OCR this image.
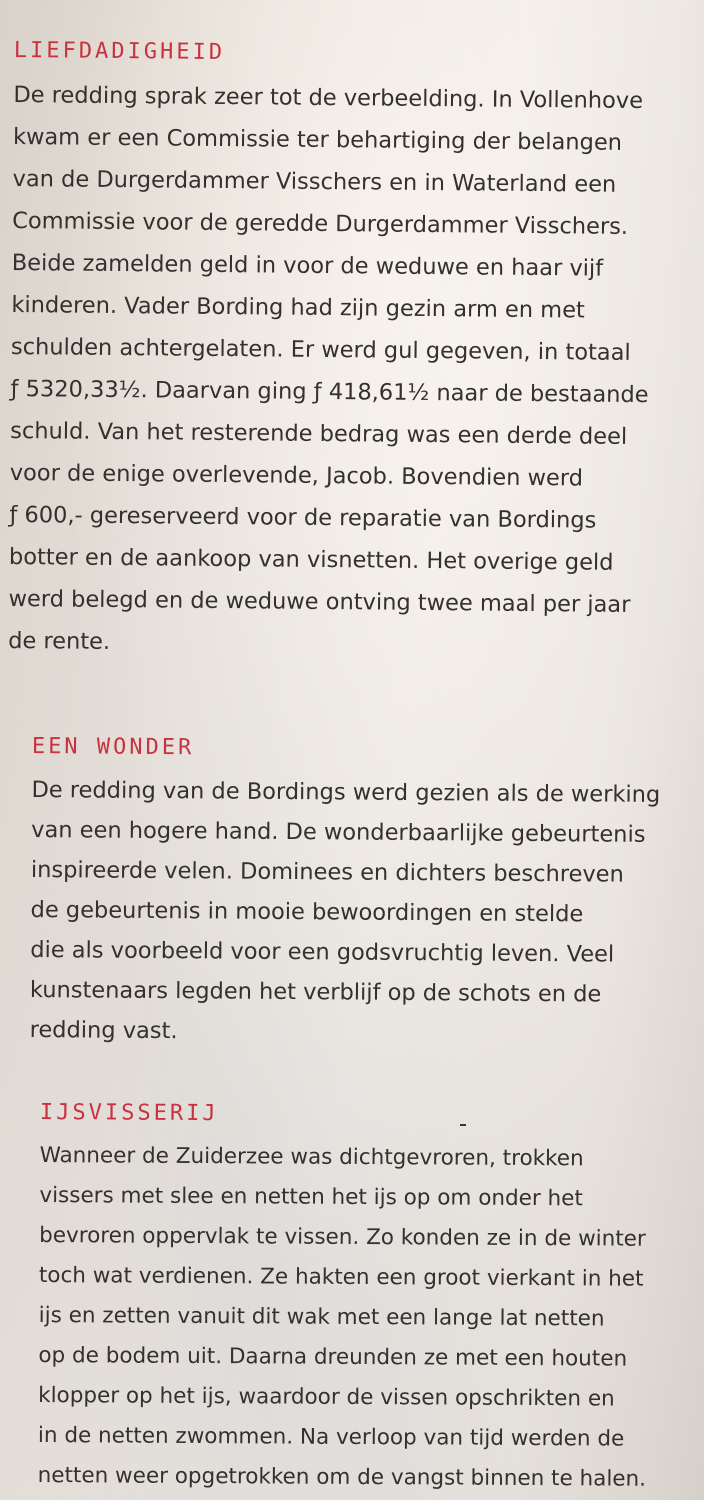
LIEFDADIGHEID
De redding sprak zeer tot de verbeelding. In Vollenhove
kwam er een Commissie ter behartiging der belangen
van de Durgerdammer Visschers en in Waterland een
Commissie voor de geredde Durgerdammer Visschers.
Beide zamelden geld in voor de weduwe en haar vijf
kinderen. Vader Bording had zijn gezin arm en met
schulden achtergelaten. Er werd gul gegeven, in totaal
ƒ 5320,33½. Daarvan ging ƒ 418,61½ naar de bestaande
schuld. Van het resterende bedrag was een derde deel
voor de enige overlevende, Jacob. Bovendien werd
ƒ 600,- gereserveerd voor de reparatie van Bordings
botter en de aankoop van visnetten. Het overige geld
werd belegd en de weduwe ontving twee maal per jaar
de rente.
EEN WONDER
De redding van de Bordings werd gezien als de werking
van een hogere hand. De wonderbaarlijke gebeurtenis
inspireerde velen. Dominees en dichters beschreven
de gebeurtenis in mooie bewoordingen en stelde
die als voorbeeld voor een godsvruchtig leven. Veel
kunstenaars legden het verblijf op de schots en de
redding vast.
IJSVISSERIJ
Wanneer de Zuiderzee was dichtgevroren, trokken
vissers met slee en netten het ijs op om onder het
bevroren oppervlak te vissen. Zo konden ze in de winter
toch wat verdienen. Ze hakten een groot vierkant in het
ijs en zetten vanuit dit wak met een lange lat netten
op de bodem uit. Daarna dreunden ze met een houten
klopper op het ijs, waardoor de vissen opschrikten en
in de netten zwommen. Na verloop van tijd werden de
netten weer opgetrokken om de vangst binnen te halen.
